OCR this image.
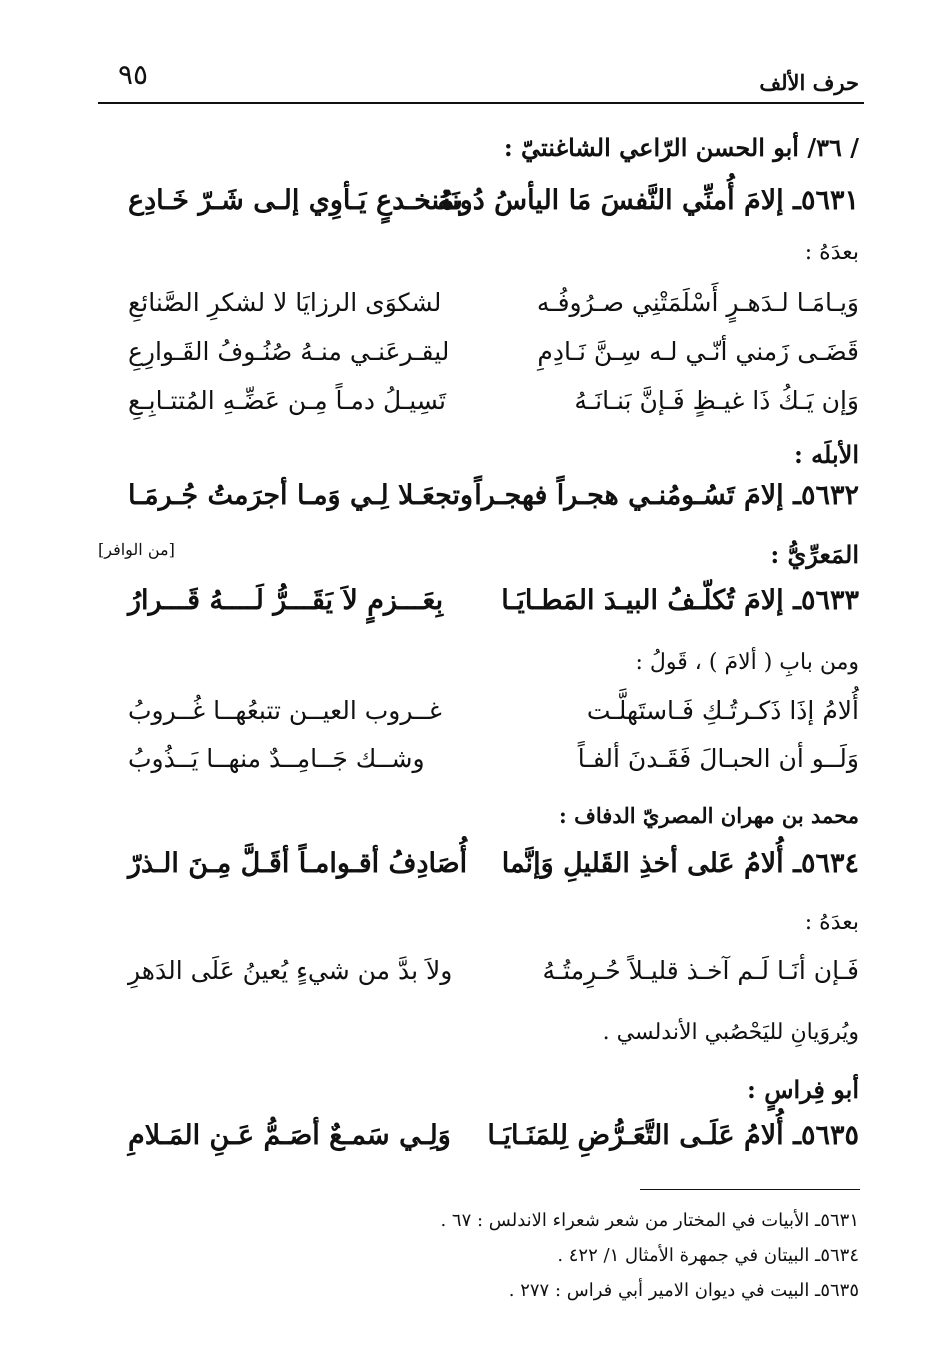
حرف الألف
٩٥
/ ٣٦/ أبو الحسن الرّاعي الشاغنتيّ :
٥٦٣١ـ إلامَ أُمنِّي النَّفسَ مَا اليأسُ دُونَهُ
بمُنخـدعٍ يَـأوِي إلـى شَـرّ خَـادِع
بعدَهُ :
وَيـامَـا لـدَهـرٍ أَسْلَمَتْنِي صـرُوفُـه
لشكوَى الرزايَا لا لشكرِ الصَّنائعِ
قَضَـى زَمني أنّـي لـه سِـنَّ نَـادِمِ
ليقـرعَنـي منـهُ صُنُـوفُ القَـوارِعِ
وَإن يَـكُ ذَا غيـظٍ فَـإنَّ بَنـانَـهُ
تَسِيـلُ دمـاً مِـن عَضِّـهِ المُتتـابِـعِ
الأبلَه :
٥٦٣٢ـ إلامَ تَسُـومُنـي هجـراً فهجـراً
وتجعَـلا لِـي وَمـا أجرَمتُ جُـرمَـا
المَعرِّيُّ :
[من الوافر]
٥٦٣٣ـ إلامَ تُكلّـفُ البيـدَ المَطـايَـا
بِعَـــزمٍ لاَ يَقَـــرُّ لَــــهُ قَـــرارُ
ومن بابِ ( ألامَ ) ، قَولُ :
أُلامُ إذَا ذَكـرتُـكِ فَـاستَهلَّـت
غــروب العيــن تتبعُهــا غُــروبُ
وَلَــو أن الحبـالَ فَقَـدنَ ألفـاً
وشــك جَــامِــدٌ منهــا يَــذُوبُ
محمد بن مهران المصريّ الدفاف :
٥٦٣٤ـ أُلامُ عَلى أخذِ القَليلِ وَإنَّما
أُصَادِفُ أقـوامـاً أقَـلَّ مِـنَ الـذرّ
بعدَهُ :
فَـإن أنَـا لَـم آخـذ قليـلاً حُـرِمتُـهُ
ولاَ بدَّ من شيءٍ يُعينُ عَلَى الدَهرِ
ويُروَيانِ لليَحْصُبي الأندلسي .
أبو فِراسٍ :
٥٦٣٥ـ أُلامُ عَلَـى التَّعَـرُّضِ لِلمَنَـايَـا
وَلِـي سَمـعٌ أصَـمُّ عَـنِ المَـلامِ
٥٦٣١ـ الأبيات في المختار من شعر شعراء الاندلس : ٦٧ .
٥٦٣٤ـ البيتان في جمهرة الأمثال ١/ ٤٢٢ .
٥٦٣٥ـ البيت في ديوان الامير أبي فراس : ٢٧٧ .
